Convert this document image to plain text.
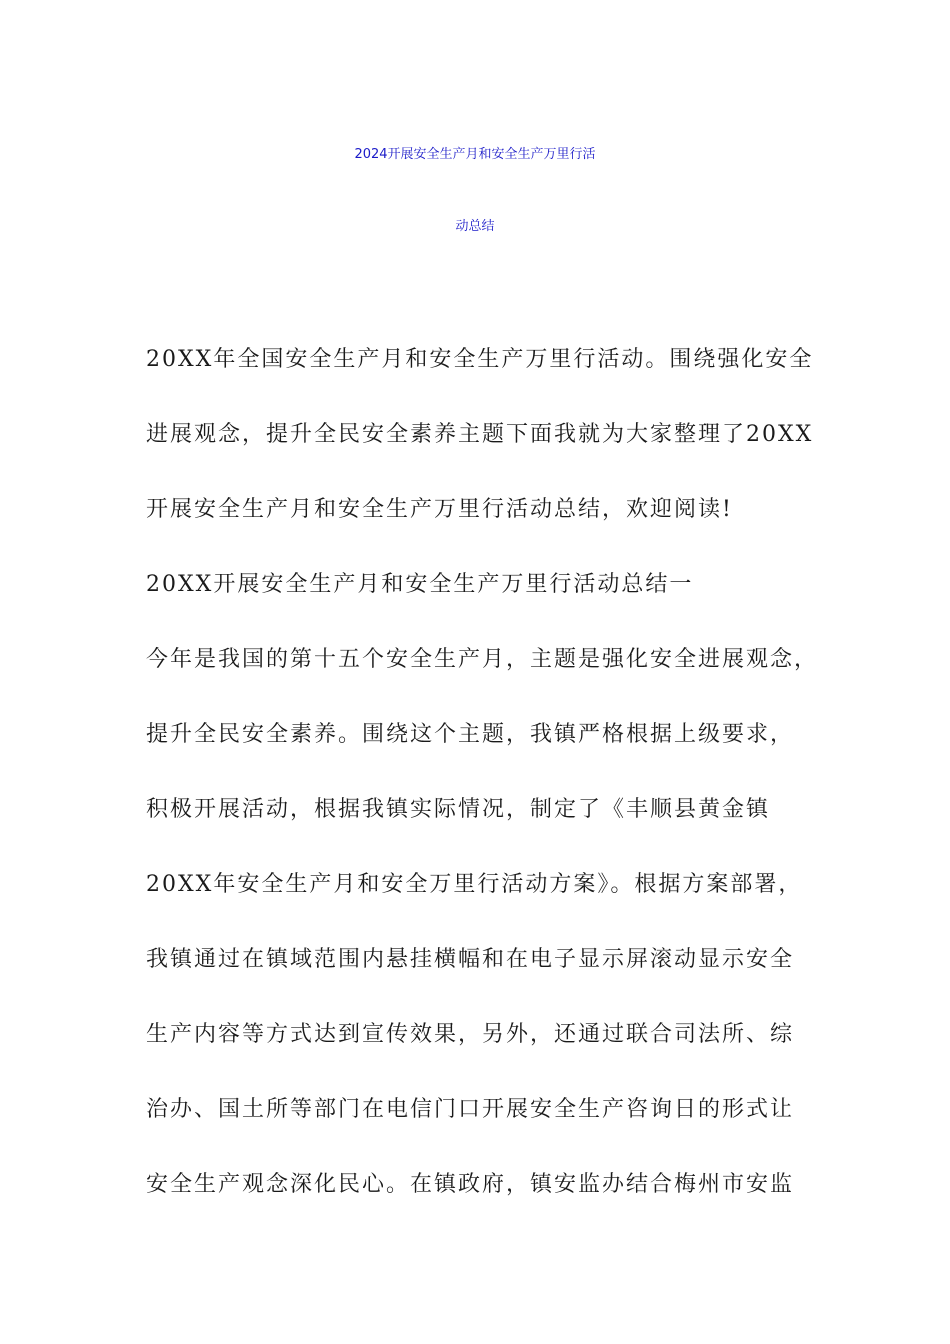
2024开展安全生产月和安全生产万里行活
动总结
20XX年全国安全生产月和安全生产万里行活动。围绕强化安全
进展观念，提升全民安全素养主题下面我就为大家整理了20XX
开展安全生产月和安全生产万里行活动总结，欢迎阅读!
20XX开展安全生产月和安全生产万里行活动总结一
今年是我国的第十五个安全生产月，主题是强化安全进展观念，
提升全民安全素养。围绕这个主题，我镇严格根据上级要求，
积极开展活动，根据我镇实际情况，制定了《丰顺县黄金镇
20XX年安全生产月和安全万里行活动方案》。根据方案部署，
我镇通过在镇域范围内悬挂横幅和在电子显示屏滚动显示安全
生产内容等方式达到宣传效果，另外，还通过联合司法所、综
治办、国土所等部门在电信门口开展安全生产咨询日的形式让
安全生产观念深化民心。在镇政府，镇安监办结合梅州市安监
